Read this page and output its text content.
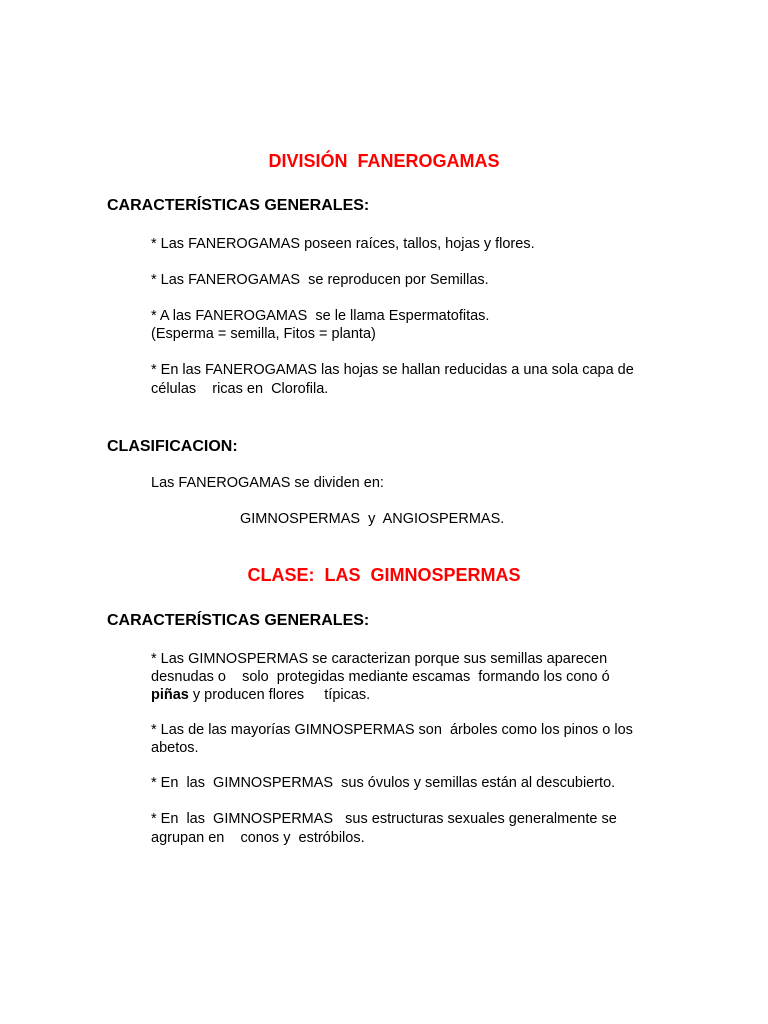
DIVISIÓN  FANEROGAMAS
CARACTERÍSTICAS GENERALES:
* Las FANEROGAMAS poseen raíces, tallos, hojas y flores.
* Las FANEROGAMAS  se reproducen por Semillas.
* A las FANEROGAMAS  se le llama Espermatofitas.
(Esperma = semilla, Fitos = planta)
* En las FANEROGAMAS las hojas se hallan reducidas a una sola capa de
células    ricas en  Clorofila.
CLASIFICACION:
Las FANEROGAMAS se dividen en:
GIMNOSPERMAS  y  ANGIOSPERMAS.
CLASE:  LAS  GIMNOSPERMAS
CARACTERÍSTICAS GENERALES:
* Las GIMNOSPERMAS se caracterizan porque sus semillas aparecen
desnudas o    solo  protegidas mediante escamas  formando los cono ó
piñas y producen flores     típicas.
* Las de las mayorías GIMNOSPERMAS son  árboles como los pinos o los
abetos.
* En  las  GIMNOSPERMAS  sus óvulos y semillas están al descubierto.
* En  las  GIMNOSPERMAS   sus estructuras sexuales generalmente se
agrupan en    conos y  estróbilos.
